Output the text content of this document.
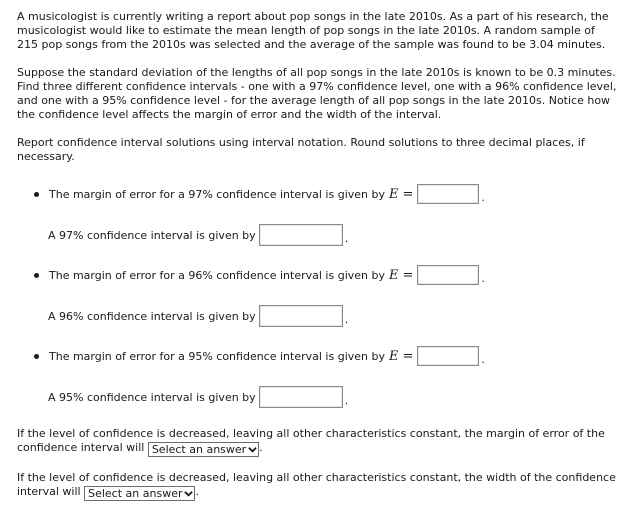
A musicologist is currently writing a report about pop songs in the late 2010s. As a part of his research, the musicologist would like to estimate the mean length of pop songs in the late 2010s. A random sample of 215 pop songs from the 2010s was selected and the average of the sample was found to be 3.04 minutes.

Suppose the standard deviation of the lengths of all pop songs in the late 2010s is known to be 0.3 minutes. Find three different confidence intervals - one with a 97% confidence level, one with a 96% confidence level, and one with a 95% confidence level - for the average length of all pop songs in the late 2010s. Notice how the confidence level affects the margin of error and the width of the interval.

Report confidence interval solutions using interval notation. Round solutions to three decimal places, if necessary.

The margin of error for a 97% confidence interval is given by E =	.
A 97% confidence interval is given by	.
The margin of error for a 96% confidence interval is given by E =	.
A 96% confidence interval is given by	.
The margin of error for a 95% confidence interval is given by E =	.
A 95% confidence interval is given by	.

If the level of confidence is decreased, leaving all other characteristics constant, the margin of error of the confidence interval will Select an answer .

If the level of confidence is decreased, leaving all other characteristics constant, the width of the confidence interval will Select an answer .
